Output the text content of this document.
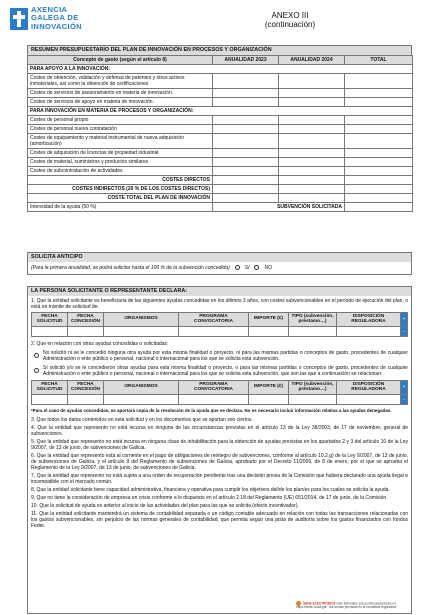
AXENCIA
GALEGA DE
INNOVACIÓN
ANEXO III
(continuación)
RESUMEN PRESUPUESTARIO DEL PLAN DE INNOVACIÓN EN PROCESOS Y ORGANIZACIÓN
Concepto de gasto (según el artículo 8)	ANUALIDAD 2023	ANUALIDAD 2024	TOTAL
PARA APOYO A LA INNOVACIÓN:			
Costes de obtención, validación y defensa de patentes y otros activos inmateriales, así como la obtención de certificaciones			
Costes de servicios de asesoramiento en materia de innovación.			
Costes de servicios de apoyo en materia de innovación.			
PARA INNOVACIÓN EN MATERIA DE PROCESOS Y ORGANIZACIÓN:			
Costes de personal propio			
Costes de personal nueva contratación			
Costes de equipamiento y material instrumental de nueva adquisición (amortización)			
Costes de adquisición de licencias de propiedad industrial			
Costes de material, suministros y productos similares			
Costes de subcontratación de actividades			
COSTES DIRECTOS			
COSTES INDIRECTOS (20 % DE LOS COSTES DIRECTOS)			
COSTE TOTAL DEL PLAN DE INNOVACIÓN			
Intensidad de la ayuda (50 %)	SUBVENCIÓN SOLICITADA		
SOLICITA ANTICIPO
(Para la primera anualidad, se podrá solicitar hasta el 100 % de la subvención concedida)	SÍ	NO
LA PERSONA SOLICITANTE O REPRESENTANTE DECLARA:
1. Que la entidad solicitante es beneficiaria de las siguientes ayudas concedidas en los últimos 3 años, con costes subvencionables en el período de ejecución del plan, o está en trámite de solicitud de:
FECHA SOLICITUD	FECHA CONCESIÓN	ORGANISMOS	PROGRAMA CONVOCATORIA	IMPORTE (€)	TIPO (subvención, préstamo…)	DISPOSICIÓN REGULADORA	+

							–
2. Que en relación con otras ayudas concedidas o solicitadas:
No solicitó ni se le concedió ninguna otra ayuda por esta misma finalidad o proyecto, ni para las mismas partidas o conceptos de gasto, procedentes de cualquier Administración o ente público o personal, nacional o internacional para los que se solicita esta subvención.
Sí solicitó y/o se le concedieron otras ayudas para esta misma finalidad o proyecto, o para las mismas partidas o conceptos de gasto, procedentes de cualquier Administración o ente público o personal, nacional o internacional para los que se solicita esta subvención, que son las que a continuación se relacionan:
FECHA SOLICITUD	FECHA CONCESIÓN	ORGANISMOS	PROGRAMA CONVOCATORIA	IMPORTE (€)	TIPO (subvención, préstamo…)	DISPOSICIÓN REGULADORA	+

							–
*Para el caso de ayudas concedidas, se aportará copia de la resolución de la ayuda que se declara. No es necesario incluir información relativa a las ayudas denegadas.
3. Que todos los datos contenidos en esta solicitud y en los documentos que se aportan son ciertos.
4. Que la entidad que represento no está incursa en ninguna de las circunstancias previstas en el artículo 13 de la Ley 38/2003, de 17 de noviembre, general de subvenciones.
5. Que la entidad que represento no está incursa en ninguna clase de inhabilitación para la obtención de ayudas previstas en los apartados 2 y 3 del artículo 10 de la Ley 9/2007, de 13 de junio, de subvenciones de Galicia.
6. Que la entidad que represento está al corriente en el pago de obligaciones de reintegro de subvenciones, conforme al artículo 10.2.g) de la Ley 9/2007, de 13 de junio, de subvenciones de Galicia, y el artículo 9 del Reglamento de subvenciones de Galicia, aprobado por el Decreto 11/2009, de 8 de enero, por el que se aprueba el Reglamento de la Ley 9/2007, de 13 de junio, de subvenciones de Galicia.
7. Que la entidad que represento no está sujeta a una orden de recuperación pendiente tras una decisión previa de la Comisión que hubiera declarado una ayuda ilegal e incompatible con el mercado común.
8. Que la entidad solicitante tiene capacidad administrativa, financiera y operativa para cumplir los objetivos del/de los plan/es para los cuales se solicita la ayuda.
9. Que no tiene la consideración de empresa en crisis conforme a lo dispuesto en el artículo 2.18 del Reglamento (UE) 651/2014, de 17 de junio, de la Comisión.
10. Que la solicitud de ayuda es anterior al inicio de las actividades del plan para las que se solicita (efecto incentivador).
11. Que la entidad solicitante mantendrá un sistema de contabilidad separada o un código contable adecuado en relación con todas las transacciones relacionadas con los gastos subvencionables, sin perjuicio de las normas generales de contabilidad, que permita seguir una pista de auditoría sobre los gastos financiados con fondos Feder.
SEDE ELECTRÓNICA Este formulario sólo podrá presentarse en
https://sede.xunta.gal · los formas previstas en la normativa reguladora
